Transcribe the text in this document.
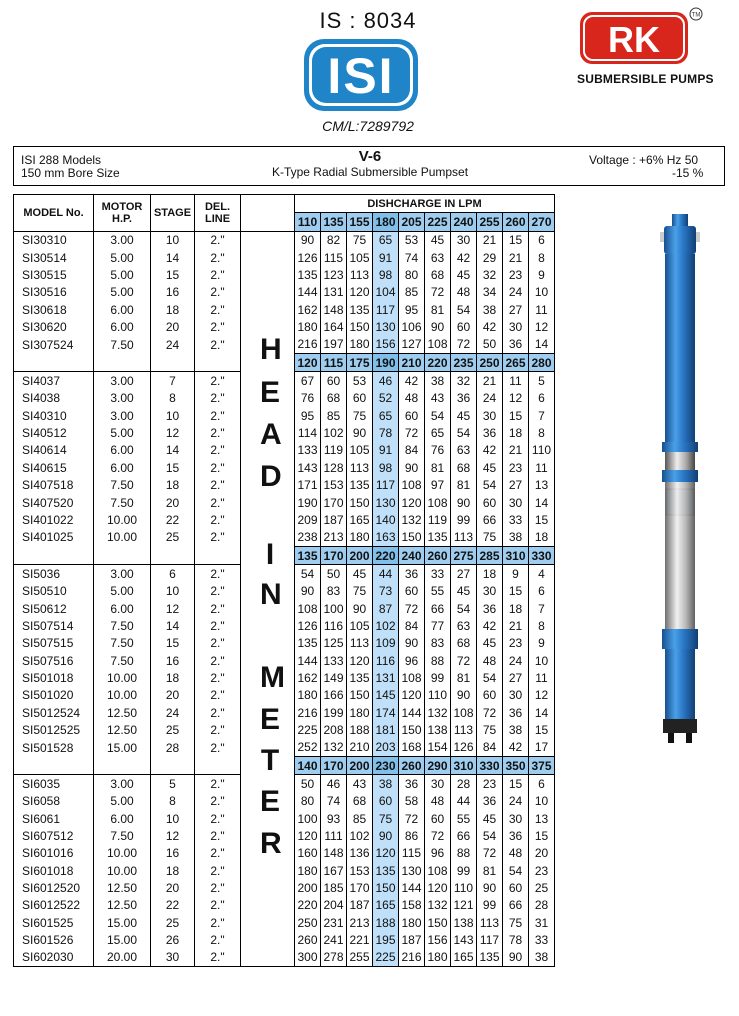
IS : 8034
ISI
CM/L:7289792
RK
TM
SUBMERSIBLE PUMPS
ISI 288 Models
150 mm Bore Size
V-6
K-Type Radial Submersible Pumpset
Voltage : +6% Hz 50
-15 %
MODEL No.	MOTOR H.P.	STAGE	DEL. LINE		DISHCHARGE IN LPM									
					110	135	155	180	205	225	240	255	260	270
SI30310	3.00	10	2."		90	82	75	65	53	45	30	21	15	6
SI30514	5.00	14	2."		126	115	105	91	74	63	42	29	21	8
SI30515	5.00	15	2."		135	123	113	98	80	68	45	32	23	9
SI30516	5.00	16	2."		144	131	120	104	85	72	48	34	24	10
SI30618	6.00	18	2."		162	148	135	117	95	81	54	38	27	11
SI30620	6.00	20	2."		180	164	150	130	106	90	60	42	30	12
SI307524	7.50	24	2."		216	197	180	156	127	108	72	50	36	14
					120	115	175	190	210	220	235	250	265	280
SI4037	3.00	7	2."		67	60	53	46	42	38	32	21	11	5
SI4038	3.00	8	2."		76	68	60	52	48	43	36	24	12	6
SI40310	3.00	10	2."		95	85	75	65	60	54	45	30	15	7
SI40512	5.00	12	2."		114	102	90	78	72	65	54	36	18	8
SI40614	6.00	14	2."		133	119	105	91	84	76	63	42	21	110
SI40615	6.00	15	2."		143	128	113	98	90	81	68	45	23	11
SI407518	7.50	18	2."		171	153	135	117	108	97	81	54	27	13
SI407520	7.50	20	2."		190	170	150	130	120	108	90	60	30	14
SI401022	10.00	22	2."		209	187	165	140	132	119	99	66	33	15
SI401025	10.00	25	2."		238	213	180	163	150	135	113	75	38	18
					135	170	200	220	240	260	275	285	310	330
SI5036	3.00	6	2."		54	50	45	44	36	33	27	18	9	4
SI50510	5.00	10	2."		90	83	75	73	60	55	45	30	15	6
SI50612	6.00	12	2."		108	100	90	87	72	66	54	36	18	7
SI507514	7.50	14	2."		126	116	105	102	84	77	63	42	21	8
SI507515	7.50	15	2."		135	125	113	109	90	83	68	45	23	9
SI507516	7.50	16	2."		144	133	120	116	96	88	72	48	24	10
SI501018	10.00	18	2."		162	149	135	131	108	99	81	54	27	11
SI501020	10.00	20	2."		180	166	150	145	120	110	90	60	30	12
SI5012524	12.50	24	2."		216	199	180	174	144	132	108	72	36	14
SI5012525	12.50	25	2."		225	208	188	181	150	138	113	75	38	15
SI501528	15.00	28	2."		252	132	210	203	168	154	126	84	42	17
					140	170	200	230	260	290	310	330	350	375
SI6035	3.00	5	2."		50	46	43	38	36	30	28	23	15	6
SI6058	5.00	8	2."		80	74	68	60	58	48	44	36	24	10
SI6061	6.00	10	2."		100	93	85	75	72	60	55	45	30	13
SI607512	7.50	12	2."		120	111	102	90	86	72	66	54	36	15
SI601016	10.00	16	2."		160	148	136	120	115	96	88	72	48	20
SI601018	10.00	18	2."		180	167	153	135	130	108	99	81	54	23
SI6012520	12.50	20	2."		200	185	170	150	144	120	110	90	60	25
SI6012522	12.50	22	2."		220	204	187	165	158	132	121	99	66	28
SI601525	15.00	25	2."		250	231	213	188	180	150	138	113	75	31
SI601526	15.00	26	2."		260	241	221	195	187	156	143	117	78	33
SI602030	20.00	30	2."		300	278	255	225	216	180	165	135	90	38
H
E
A
D
I
N
M
E
T
E
R
